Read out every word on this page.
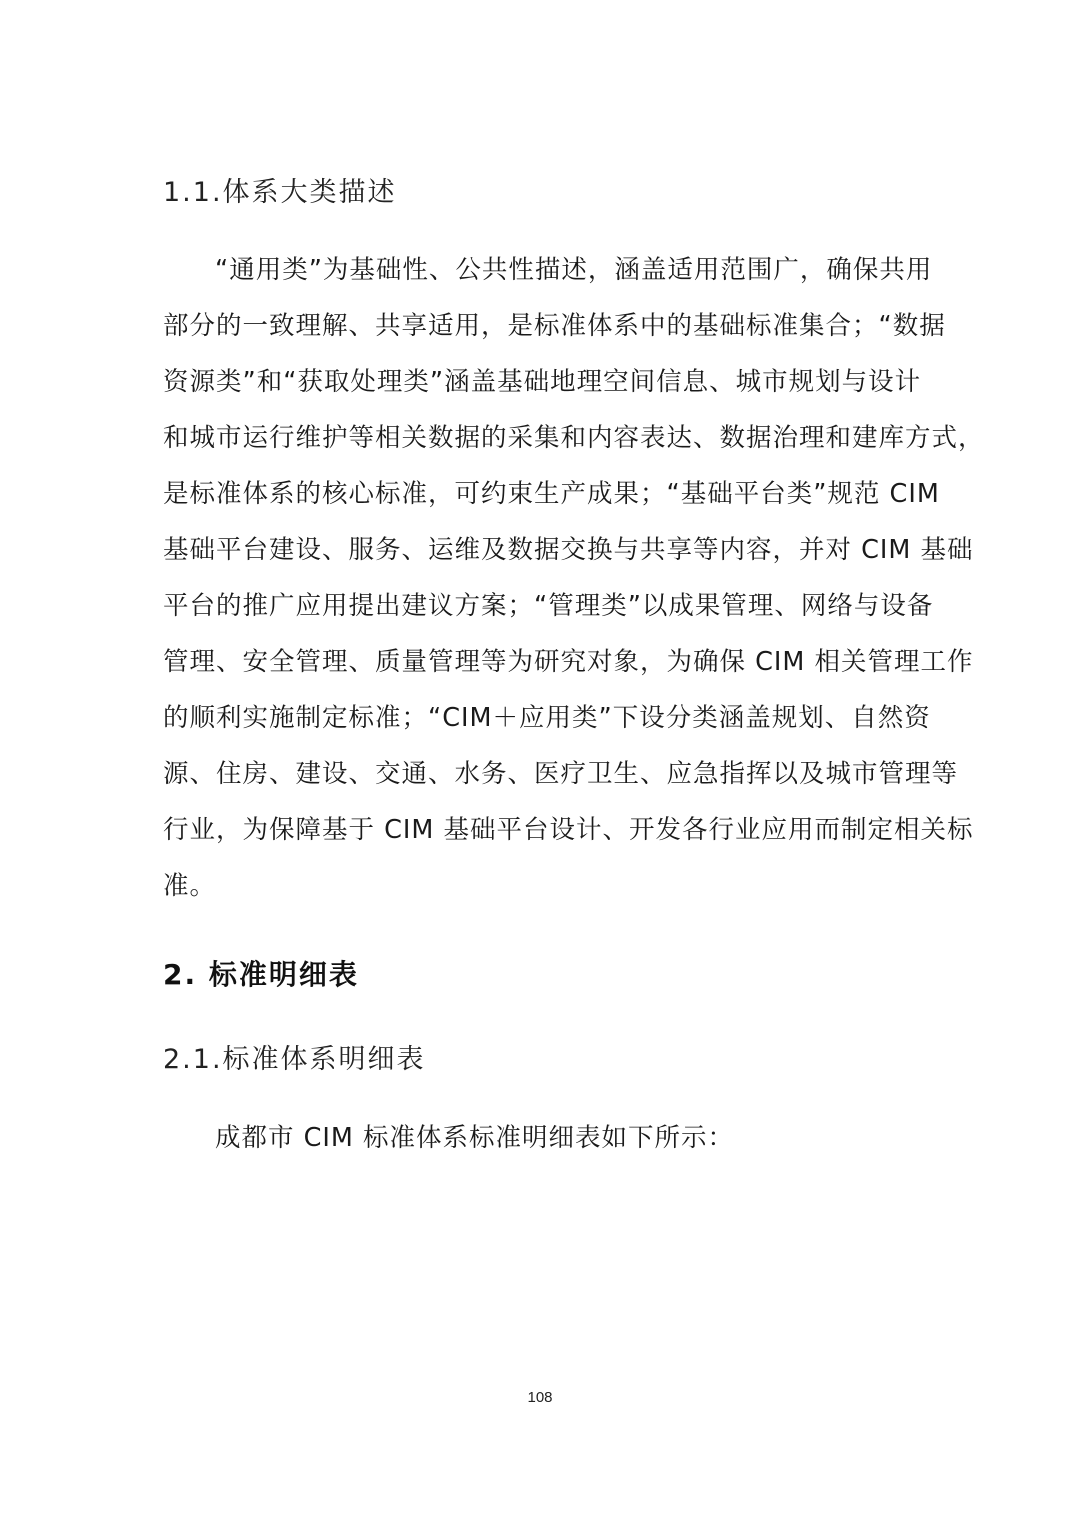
1.1.体系大类描述
“通用类”为基础性、公共性描述，涵盖适用范围广，确保共用
部分的一致理解、共享适用，是标准体系中的基础标准集合；“数据
资源类”和“获取处理类”涵盖基础地理空间信息、城市规划与设计
和城市运行维护等相关数据的采集和内容表达、数据治理和建库方式，
是标准体系的核心标准，可约束生产成果；“基础平台类”规范 CIM
基础平台建设、服务、运维及数据交换与共享等内容，并对 CIM 基础
平台的推广应用提出建议方案；“管理类”以成果管理、网络与设备
管理、安全管理、质量管理等为研究对象，为确保 CIM 相关管理工作
的顺利实施制定标准；“CIM＋应用类”下设分类涵盖规划、自然资
源、住房、建设、交通、水务、医疗卫生、应急指挥以及城市管理等
行业，为保障基于 CIM 基础平台设计、开发各行业应用而制定相关标
准。
2. 标准明细表
2.1.标准体系明细表
成都市 CIM 标准体系标准明细表如下所示：
108
